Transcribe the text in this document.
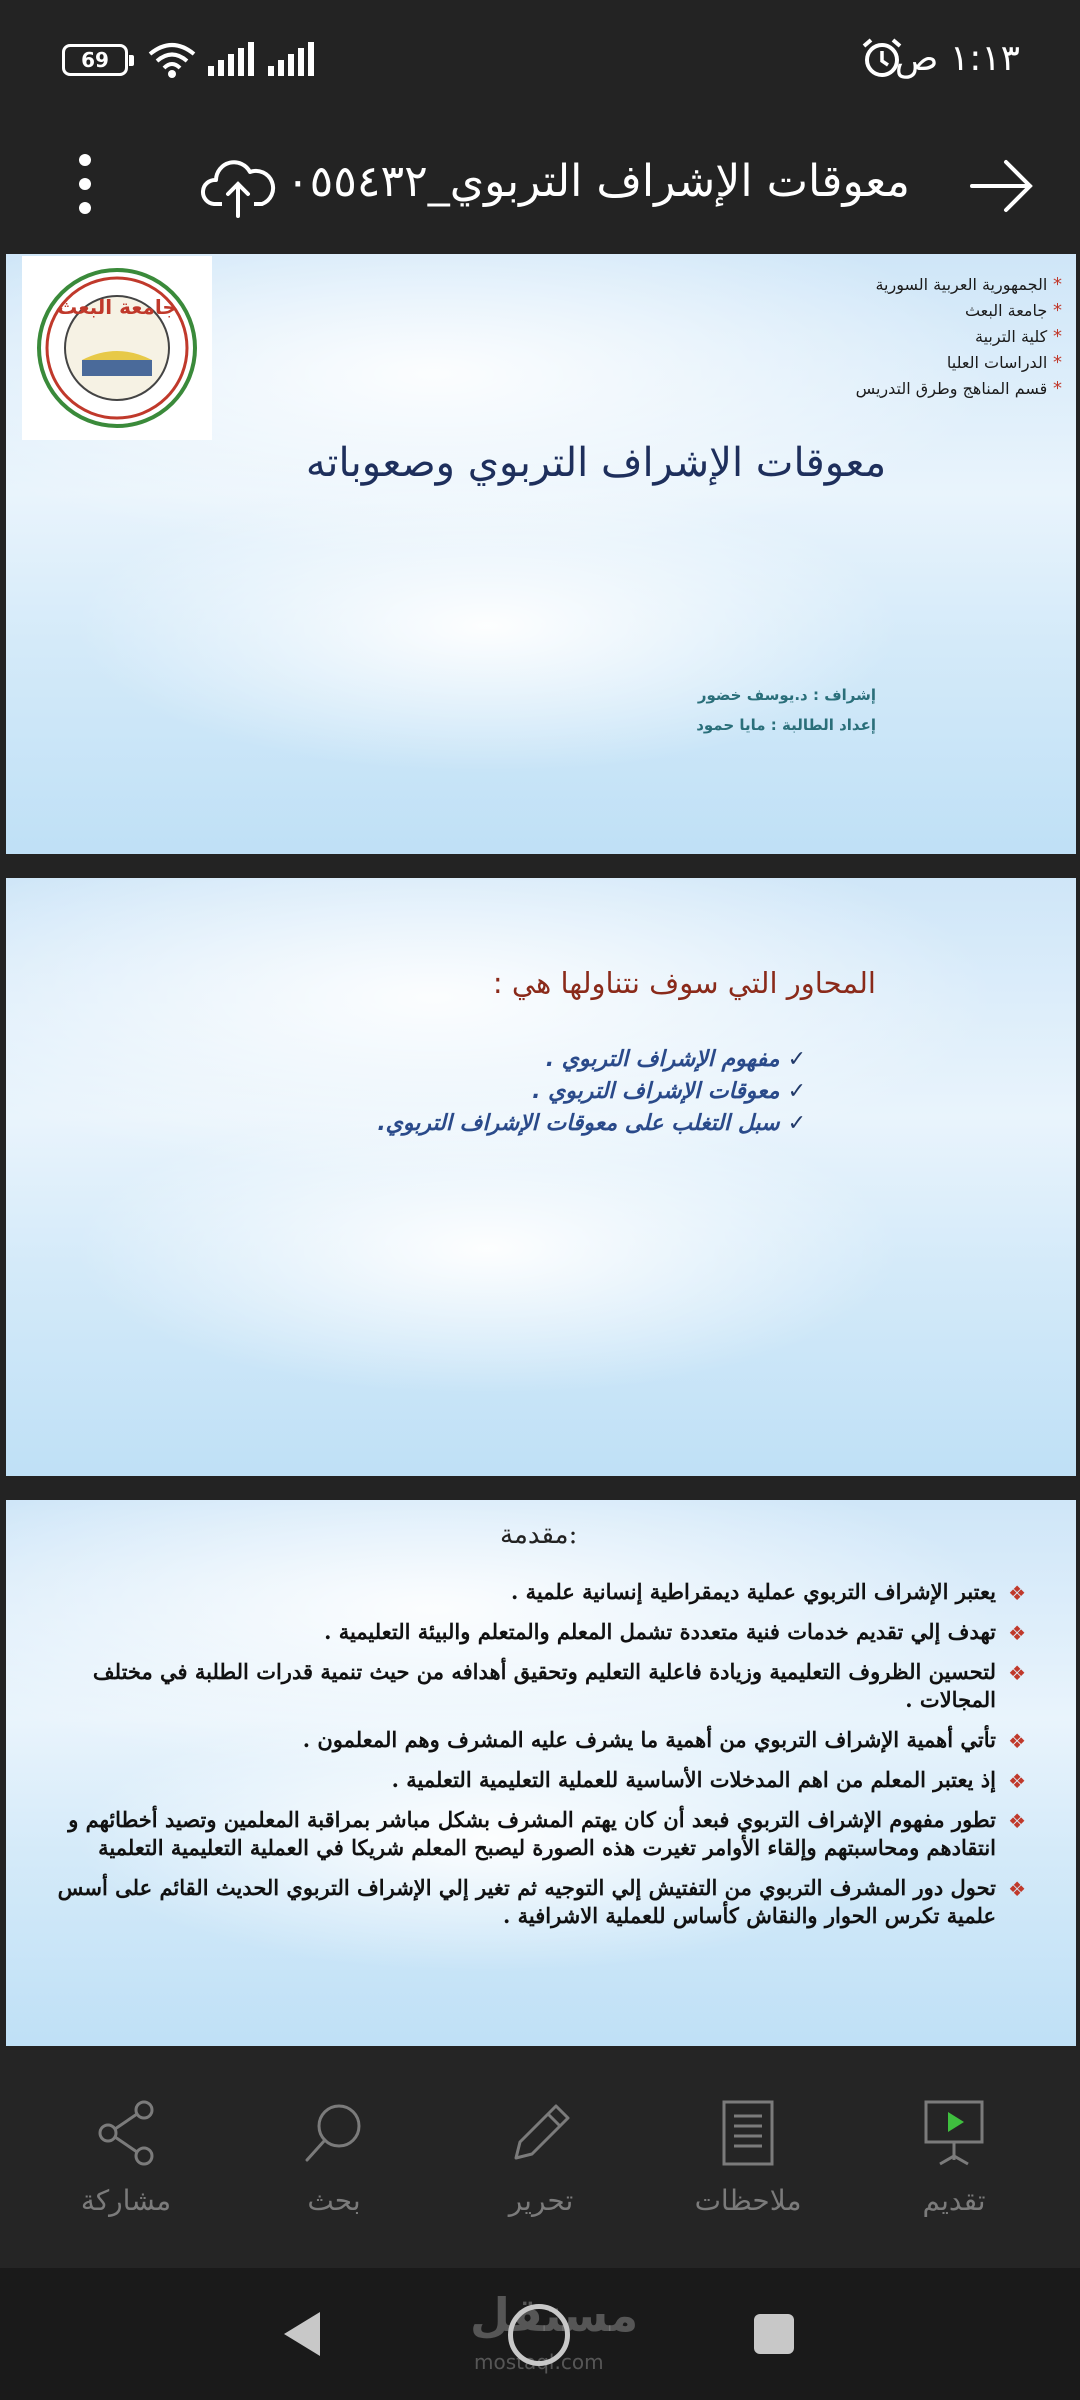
69	١:١٣ ص
معوقات الإشراف التربوي_٠٥٥٤٣٢
جامعة البعث
* الجمهورية العربية السورية
* جامعة البعث
* كلية التربية
* الدراسات العليا
* قسم المناهج وطرق التدريس
معوقات الإشراف التربوي وصعوباته
إشراف : د.يوسف خضور
إعداد الطالبة : مايا حمود
المحاور التي سوف نتناولها هي :
✓مفهوم الإشراف التربوي .
✓معوقات الإشراف التربوي .
✓سبل التغلب على معوقات الإشراف التربوي.
مقدمة:
❖
يعتبر الإشراف التربوي عملية ديمقراطية إنسانية علمية .
❖
تهدف إلي تقديم خدمات فنية متعددة تشمل المعلم والمتعلم والبيئة التعليمية .
❖
لتحسين الظروف التعليمية وزيادة فاعلية التعليم وتحقيق أهدافه من حيث تنمية قدرات الطلبة في مختلف المجالات .
❖
تأتي أهمية الإشراف التربوي من أهمية ما يشرف عليه المشرف وهم المعلمون .
❖
إذ يعتبر المعلم من اهم المدخلات الأساسية للعملية التعليمية التعلمية .
❖
تطور مفهوم الإشراف التربوي فبعد أن كان يهتم المشرف بشكل مباشر بمراقبة المعلمين وتصيد أخطائهم و انتقادهم ومحاسبتهم وإلقاء الأوامر تغيرت هذه الصورة ليصبح المعلم شريكا في العملية التعليمية التعلمية
❖
تحول دور المشرف التربوي من التفتيش إلي التوجيه ثم تغير إلي الإشراف التربوي الحديث القائم على أسس علمية تكرس الحوار والنقاش كأساس للعملية الاشرافية .
تقديم
ملاحظات
تحرير
بحث
مشاركة
مستقل
mostaql.com
